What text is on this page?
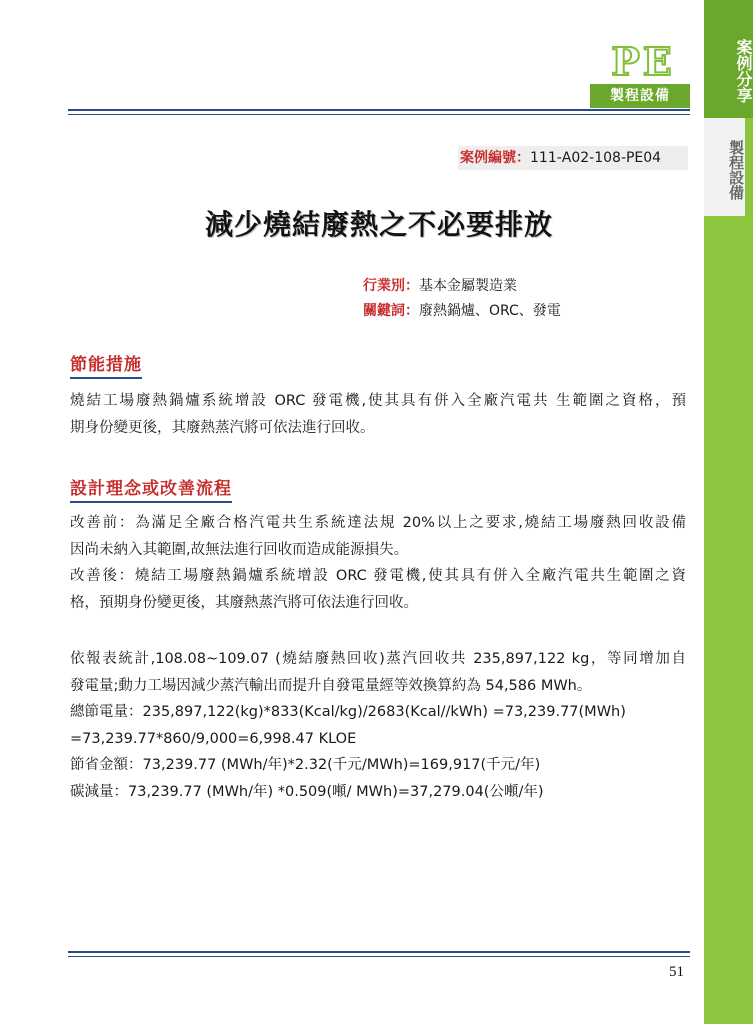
案例分享
製程設備
PE
製程設備
案例編號：111-A02-108-PE04
減少燒結廢熱之不必要排放
行業別：基本金屬製造業
關鍵詞：廢熱鍋爐、ORC、發電
節能措施
燒結工場廢熱鍋爐系統增設 ORC 發電機,使其具有併入全廠汽電共 生範圍之資格，預
期身份變更後，其廢熱蒸汽將可依法進行回收。
設計理念或改善流程
改善前：為滿足全廠合格汽電共生系統達法規 20%以上之要求,燒結工場廢熱回收設備
因尚未納入其範圍,故無法進行回收而造成能源損失。
改善後：燒結工場廢熱鍋爐系統增設 ORC 發電機,使其具有併入全廠汽電共生範圍之資
格，預期身份變更後，其廢熱蒸汽將可依法進行回收。
依報表統計,108.08~109.07 (燒結廢熱回收)蒸汽回收共 235,897,122 kg，等同增加自
發電量;動力工場因減少蒸汽輸出而提升自發電量經等效換算約為 54,586 MWh。
總節電量：235,897,122(kg)*833(Kcal/kg)/2683(Kcal//kWh) =73,239.77(MWh)
=73,239.77*860/9,000=6,998.47 KLOE
節省金額：73,239.77 (MWh/年)*2.32(千元/MWh)=169,917(千元/年)
碳減量：73,239.77 (MWh/年) *0.509(噸/ MWh)=37,279.04(公噸/年)
51
